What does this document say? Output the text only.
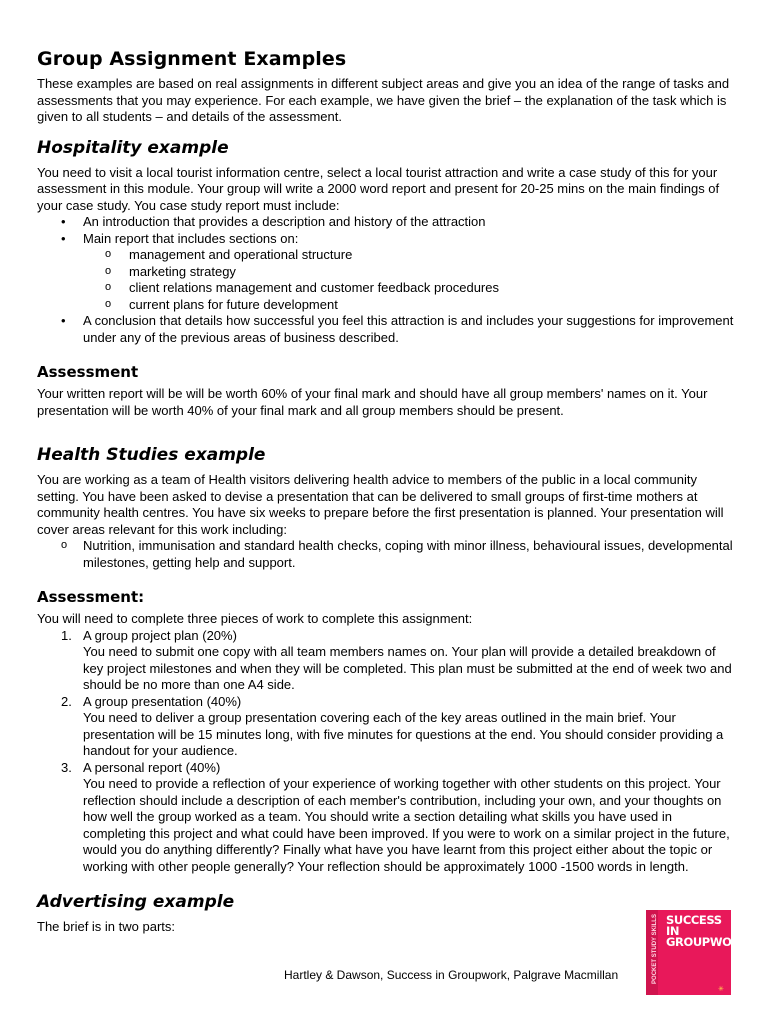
Group Assignment Examples

These examples are based on real assignments in different subject areas and give you an idea of the range of tasks and assessments that you may experience. For each example, we have given the brief – the explanation of the task which is given to all students – and details of the assessment.

Hospitality example

You need to visit a local tourist information centre, select a local tourist attraction and write a case study of this for your assessment in this module. Your group will write a 2000 word report and present for 20-25 mins on the main findings of your case study. You case study report must include:

• An introduction that provides a description and history of the attraction
• Main report that includes sections on:
o management and operational structure
o marketing strategy
o client relations management and customer feedback procedures
o current plans for future development
• A conclusion that details how successful you feel this attraction is and includes your suggestions for improvement under any of the previous areas of business described.
Assessment

Your written report will be will be worth 60% of your final mark and should have all group members' names on it. Your presentation will be worth 40% of your final mark and all group members should be present.

Health Studies example

You are working as a team of Health visitors delivering health advice to members of the public in a local community setting. You have been asked to devise a presentation that can be delivered to small groups of first-time mothers at community health centres. You have six weeks to prepare before the first presentation is planned. Your presentation will cover areas relevant for this work including:

o Nutrition, immunisation and standard health checks, coping with minor illness, behavioural issues, developmental milestones, getting help and support.
Assessment:

You will need to complete three pieces of work to complete this assignment:

1. A group project plan (20%)
You need to submit one copy with all team members names on. Your plan will provide a detailed breakdown of key project milestones and when they will be completed. This plan must be submitted at the end of week two and should be no more than one A4 side.
2. A group presentation (40%)
You need to deliver a group presentation covering each of the key areas outlined in the main brief. Your presentation will be 15 minutes long, with five minutes for questions at the end. You should consider providing a handout for your audience.
3. A personal report (40%)
You need to provide a reflection of your experience of working together with other students on this project. Your reflection should include a description of each member's contribution, including your own, and your thoughts on how well the group worked as a team. You should write a section detailing what skills you have used in completing this project and what could have been improved. If you were to work on a similar project in the future, would you do anything differently? Finally what have you have learnt from this project either about the topic or working with other people generally? Your reflection should be approximately 1000 -1500 words in length.
Advertising example

The brief is in two parts:

Hartley & Dawson, Success in Groupwork, Palgrave Macmillan	POCKET STUDY SKILLS SUCCESS IN
GROUPWORK
✳
